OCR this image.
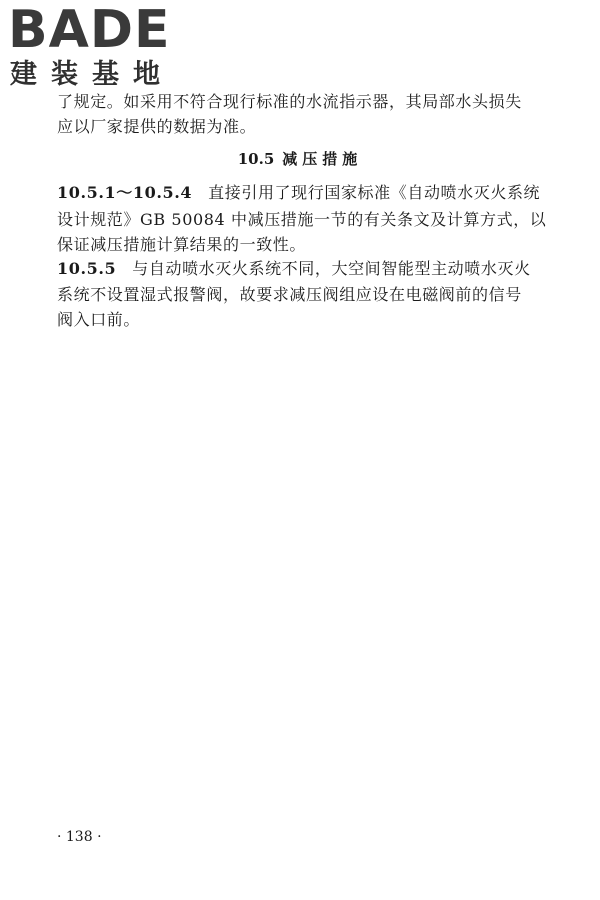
BADE
建装基地
了规定。如采用不符合现行标准的水流指示器，其局部水头损失
应以厂家提供的数据为准。
10.5 减压措施
10.5.1～10.5.4 直接引用了现行国家标准《自动喷水灭火系统
设计规范》GB 50084 中减压措施一节的有关条文及计算方式，以
保证减压措施计算结果的一致性。
10.5.5 与自动喷水灭火系统不同，大空间智能型主动喷水灭火
系统不设置湿式报警阀，故要求减压阀组应设在电磁阀前的信号
阀入口前。
· 138 ·
